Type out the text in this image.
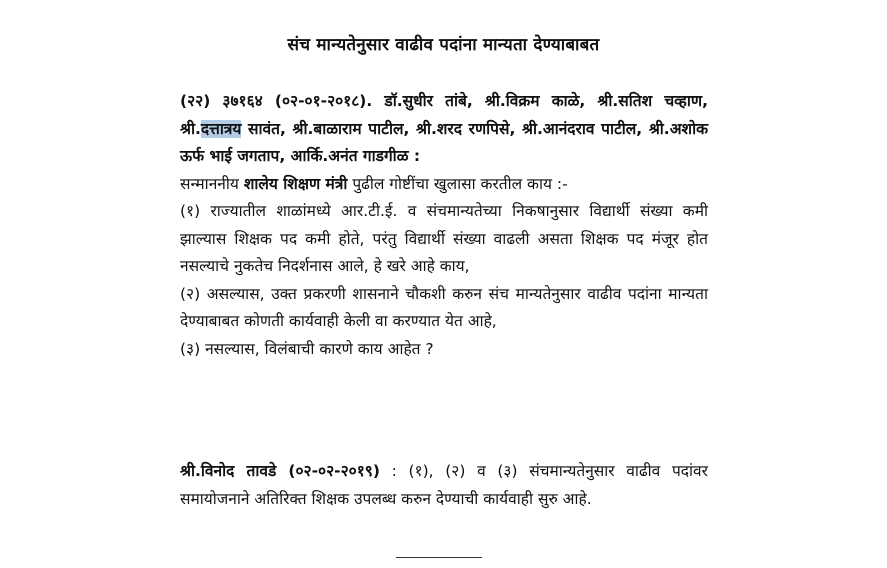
संच मान्यतेनुसार वाढीव पदांना मान्यता देण्याबाबत
(२२) ३७१६४ (०२-०१-२०१८). डॉ.सुधीर तांबे, श्री.विक्रम काळे, श्री.सतिश चव्हाण, श्री.दत्तात्रय सावंत, श्री.बाळाराम पाटील, श्री.शरद रणपिसे, श्री.आनंदराव पाटील, श्री.अशोक ऊर्फ भाई जगताप, आर्कि.अनंत गाडगीळ :
सन्माननीय शालेय शिक्षण मंत्री पुढील गोष्टींचा खुलासा करतील काय :-
(१) राज्यातील शाळांमध्ये आर.टी.ई. व संचमान्यतेच्या निकषानुसार विद्यार्थी संख्या कमी झाल्यास शिक्षक पद कमी होते, परंतु विद्यार्थी संख्या वाढली असता शिक्षक पद मंजूर होत नसल्याचे नुकतेच निदर्शनास आले, हे खरे आहे काय,
(२) असल्यास, उक्त प्रकरणी शासनाने चौकशी करुन संच मान्यतेनुसार वाढीव पदांना मान्यता देण्याबाबत कोणती कार्यवाही केली वा करण्यात येत आहे,
(३) नसल्यास, विलंबाची कारणे काय आहेत ?
श्री.विनोद तावडे (०२-०२-२०१९) : (१), (२) व (३) संचमान्यतेनुसार वाढीव पदांवर समायोजनाने अतिरिक्त शिक्षक उपलब्ध करुन देण्याची कार्यवाही सुरु आहे.
